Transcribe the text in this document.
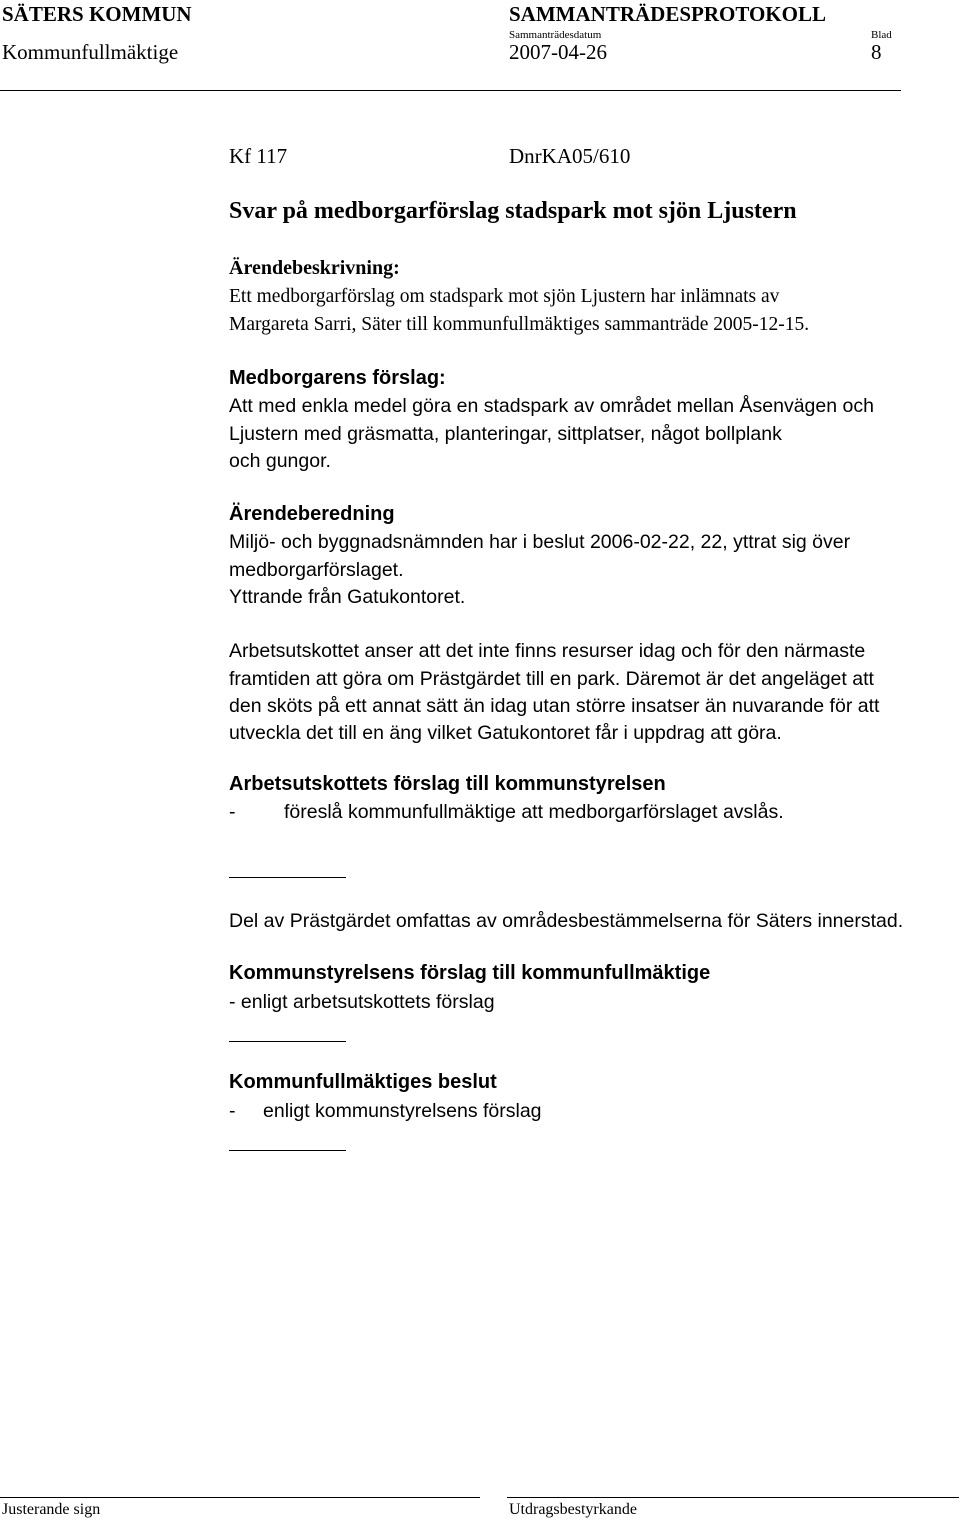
SÄTERS KOMMUN	SAMMANTRÄDESPROTOKOLL
Sammanträdesdatum	Blad
Kommunfullmäktige	2007-04-26	8
Kf 117	DnrKA05/610
Svar på medborgarförslag stadspark mot sjön Ljustern
Ärendebeskrivning:
Ett medborgarförslag om stadspark mot sjön Ljustern har inlämnats av
Margareta Sarri, Säter till kommunfullmäktiges sammanträde 2005-12-15.
Medborgarens förslag:
Att med enkla medel göra en stadspark av området mellan Åsenvägen och
Ljustern med gräsmatta, planteringar, sittplatser, något bollplank
och gungor.
Ärendeberedning
Miljö- och byggnadsnämnden har i beslut 2006-02-22, 22, yttrat sig över
medborgarförslaget.
Yttrande från Gatukontoret.
Arbetsutskottet anser att det inte finns resurser idag och för den närmaste
framtiden att göra om Prästgärdet till en park. Däremot är det angeläget att
den sköts på ett annat sätt än idag utan större insatser än nuvarande för att
utveckla det till en äng vilket Gatukontoret får i uppdrag att göra.
Arbetsutskottets förslag till kommunstyrelsen
- föreslå kommunfullmäktige att medborgarförslaget avslås.
Del av Prästgärdet omfattas av områdesbestämmelserna för Säters innerstad.
Kommunstyrelsens förslag till kommunfullmäktige
- enligt arbetsutskottets förslag
Kommunfullmäktiges beslut
- enligt kommunstyrelsens förslag
Justerande sign	Utdragsbestyrkande
